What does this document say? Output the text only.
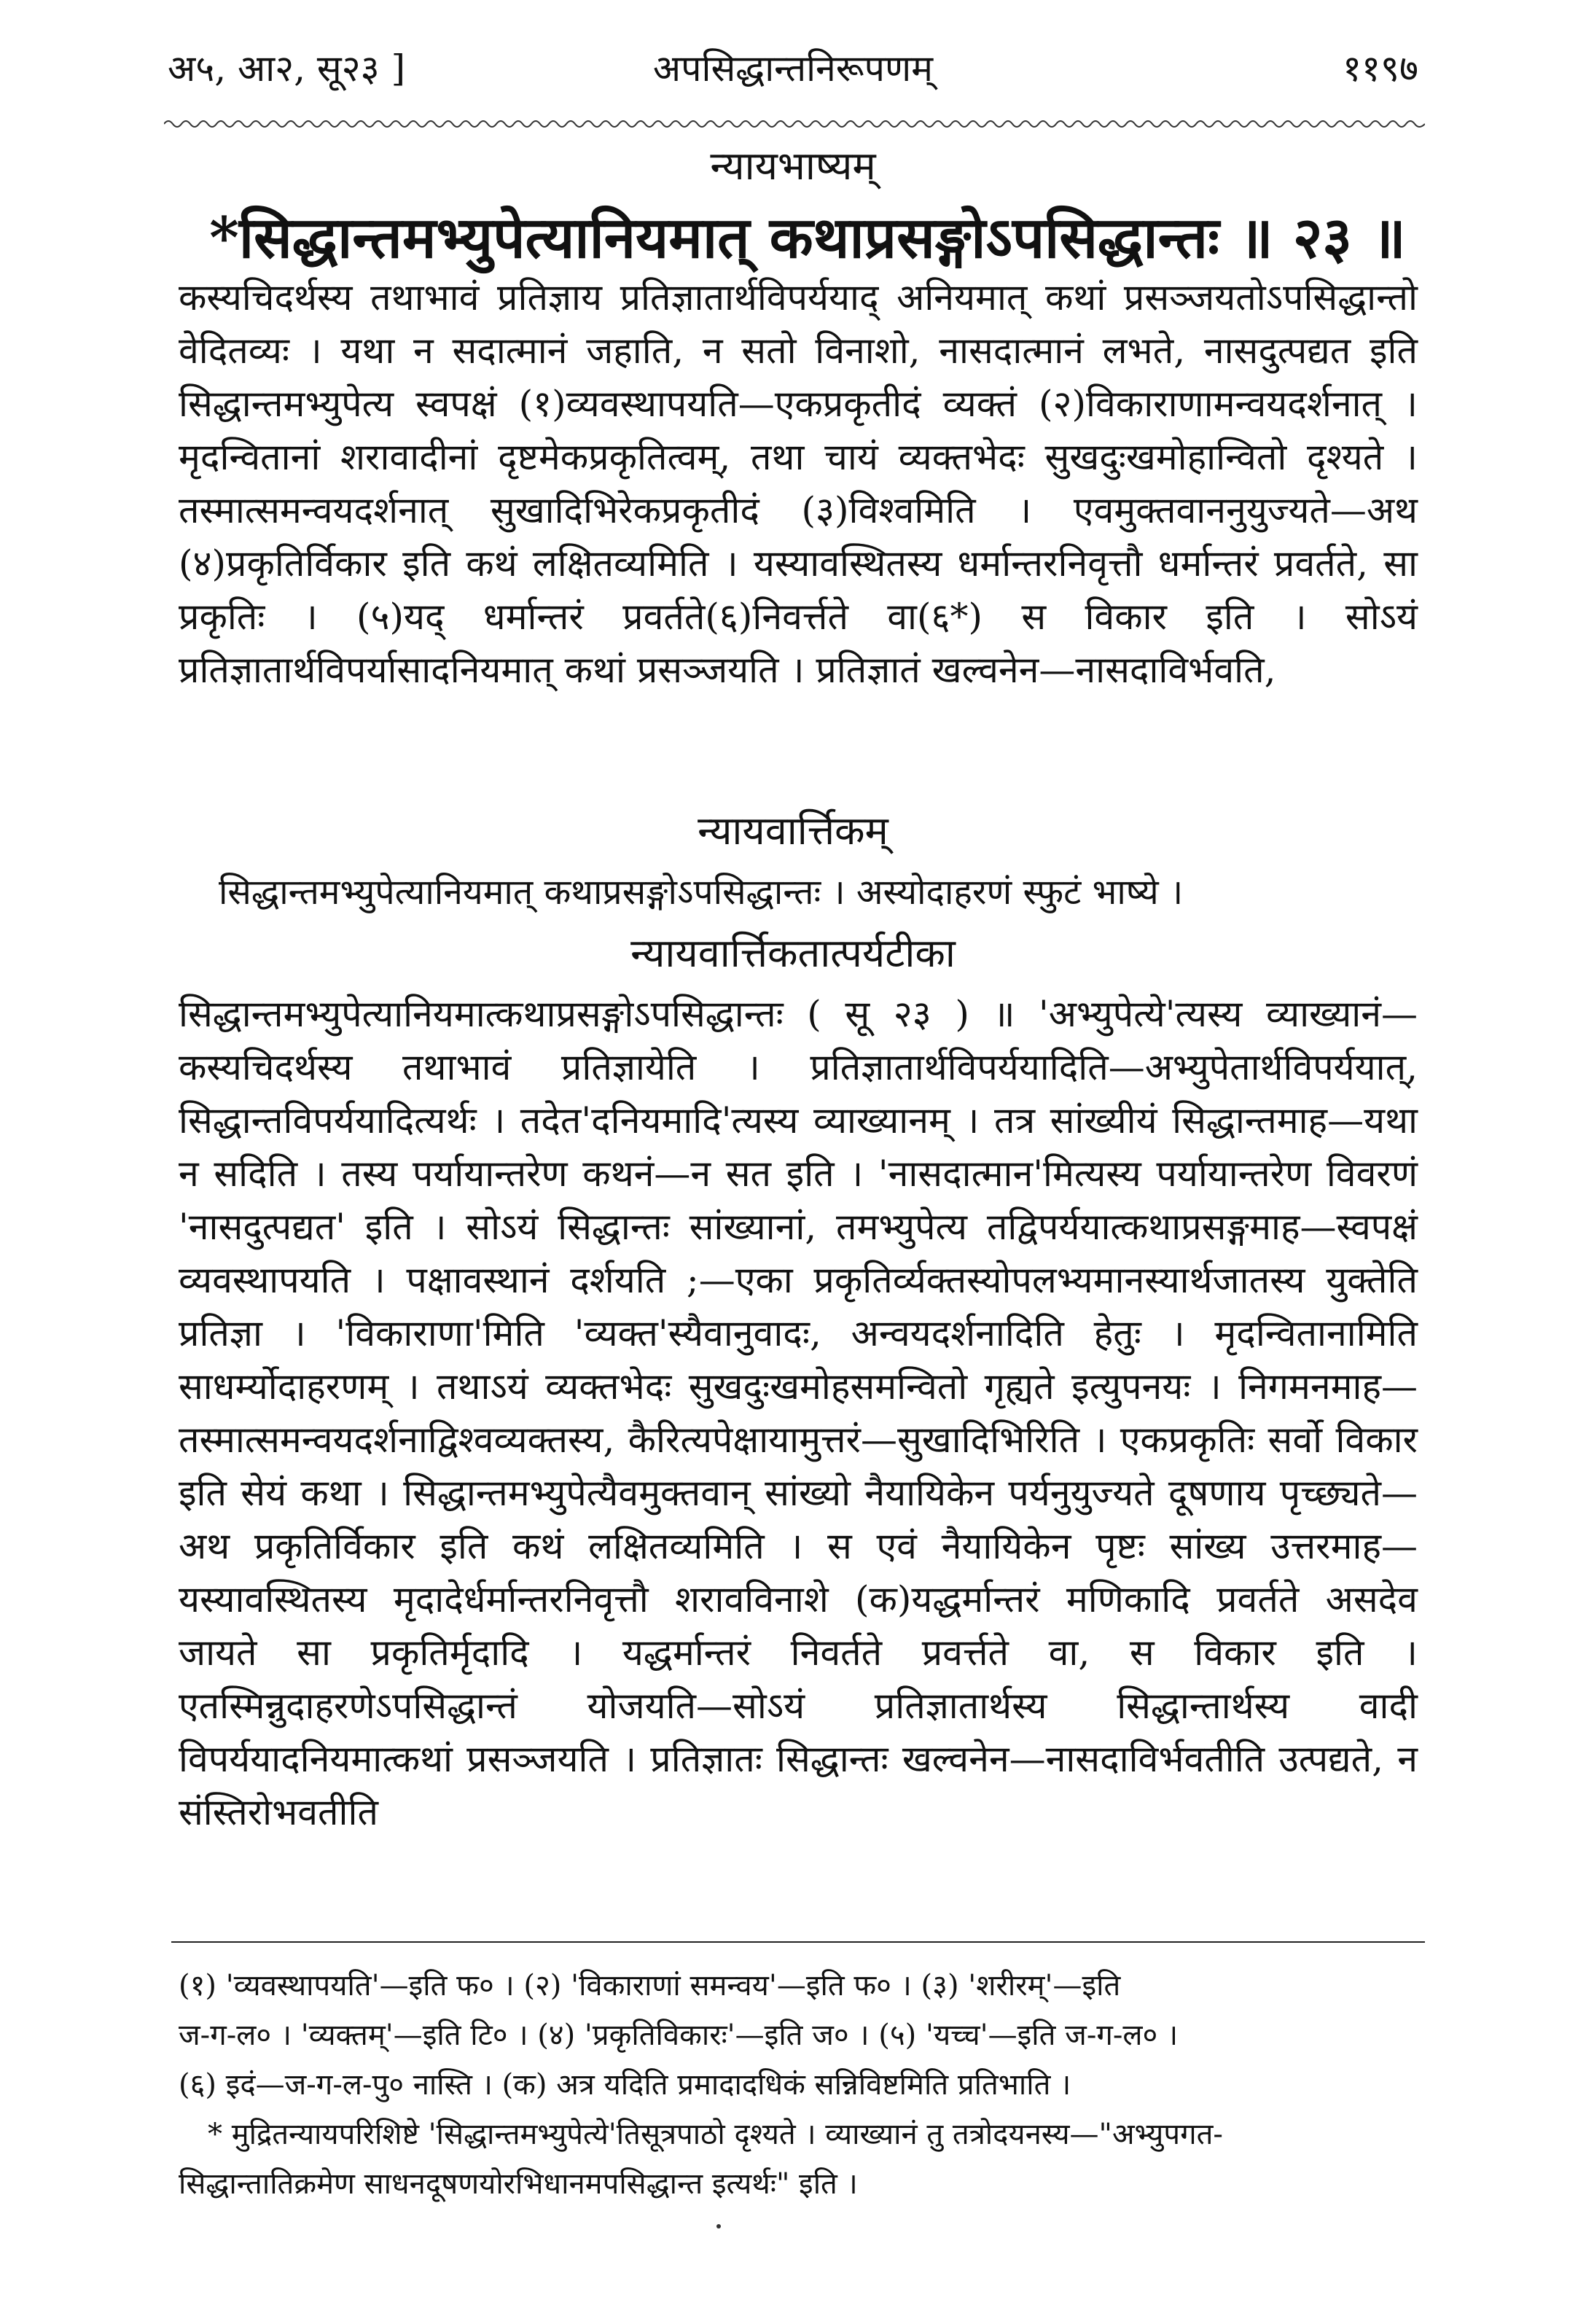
अ५, आ२, सू२३ ]	अपसिद्धान्तनिरूपणम्	११९७
न्यायभाष्यम्
*सिद्धान्तमभ्युपेत्यानियमात् कथाप्रसङ्गोऽपसिद्धान्तः ॥ २३ ॥
कस्यचिदर्थस्य तथाभावं प्रतिज्ञाय प्रतिज्ञातार्थविपर्ययाद् अनियमात् कथां प्रसञ्जयतोऽपसिद्धान्तो वेदितव्यः । यथा न सदात्मानं जहाति, न सतो विनाशो, नासदात्मानं लभते, नासदुत्पद्यत इति सिद्धान्तमभ्युपेत्य स्वपक्षं (१)व्यवस्थापयति—एकप्रकृतीदं व्यक्तं (२)विकाराणामन्वयदर्शनात् । मृदन्वितानां शरावादीनां दृष्टमेकप्रकृतित्वम्, तथा चायं व्यक्तभेदः सुखदुःखमोहान्वितो दृश्यते । तस्मात्समन्वयदर्शनात् सुखादिभिरेकप्रकृतीदं (३)विश्वमिति । एवमुक्तवाननुयुज्यते—अथ (४)प्रकृतिर्विकार इति कथं लक्षितव्यमिति । यस्यावस्थितस्य धर्मान्तरनिवृत्तौ धर्मान्तरं प्रवर्तते, सा प्रकृतिः । (५)यद् धर्मान्तरं प्रवर्तते(६)निवर्त्तते वा(६*) स विकार इति । सोऽयं प्रतिज्ञातार्थविपर्यासादनियमात् कथां प्रसञ्जयति । प्रतिज्ञातं खल्वनेन—नासदाविर्भवति,
न्यायवार्त्तिकम्
सिद्धान्तमभ्युपेत्यानियमात् कथाप्रसङ्गोऽपसिद्धान्तः । अस्योदाहरणं स्फुटं भाष्ये ।
न्यायवार्त्तिकतात्पर्यटीका
सिद्धान्तमभ्युपेत्यानियमात्कथाप्रसङ्गोऽपसिद्धान्तः ( सू २३ ) ॥ 'अभ्युपेत्ये'त्यस्य व्याख्यानं—कस्यचिदर्थस्य तथाभावं प्रतिज्ञायेति । प्रतिज्ञातार्थविपर्ययादिति—अभ्युपेतार्थविपर्ययात्, सिद्धान्तविपर्ययादित्यर्थः । तदेत'दनियमादि'त्यस्य व्याख्यानम् । तत्र सांख्यीयं सिद्धान्तमाह—यथा न सदिति । तस्य पर्यायान्तरेण कथनं—न सत इति । 'नासदात्मान'मित्यस्य पर्यायान्तरेण विवरणं 'नासदुत्पद्यत' इति । सोऽयं सिद्धान्तः सांख्यानां, तमभ्युपेत्य तद्विपर्ययात्कथाप्रसङ्गमाह—स्वपक्षं व्यवस्थापयति । पक्षावस्थानं दर्शयति ;—एका प्रकृतिर्व्यक्तस्योपलभ्यमानस्यार्थजातस्य युक्तेति प्रतिज्ञा । 'विकाराणा'मिति 'व्यक्त'स्यैवानुवादः, अन्वयदर्शनादिति हेतुः । मृदन्वितानामिति साधर्म्योदाहरणम् । तथाऽयं व्यक्तभेदः सुखदुःखमोहसमन्वितो गृह्यते इत्युपनयः । निगमनमाह—तस्मात्समन्वयदर्शनाद्विश्वव्यक्तस्य, कैरित्यपेक्षायामुत्तरं—सुखादिभिरिति । एकप्रकृतिः सर्वो विकार इति सेयं कथा । सिद्धान्तमभ्युपेत्यैवमुक्तवान् सांख्यो नैयायिकेन पर्यनुयुज्यते दूषणाय पृच्छ्यते—अथ प्रकृतिर्विकार इति कथं लक्षितव्यमिति । स एवं नैयायिकेन पृष्टः सांख्य उत्तरमाह—यस्यावस्थितस्य मृदादेर्धर्मान्तरनिवृत्तौ शरावविनाशे (क)यद्धर्मान्तरं मणिकादि प्रवर्तते असदेव जायते सा प्रकृतिर्मृदादि । यद्धर्मान्तरं निवर्तते प्रवर्त्तते वा, स विकार इति । एतस्मिन्नुदाहरणेऽपसिद्धान्तं योजयति—सोऽयं प्रतिज्ञातार्थस्य सिद्धान्तार्थस्य वादी विपर्ययादनियमात्कथां प्रसञ्जयति । प्रतिज्ञातः सिद्धान्तः खल्वनेन—नासदाविर्भवतीति उत्पद्यते, न संस्तिरोभवतीति

(१) 'व्यवस्थापयति'—इति फ० । (२) 'विकाराणां समन्वय'—इति फ० । (३) 'शरीरम्'—इति

ज-ग-ल० । 'व्यक्तम्'—इति टि० । (४) 'प्रकृतिविकारः'—इति ज० । (५) 'यच्च'—इति ज-ग-ल० ।

(६) इदं—ज-ग-ल-पु० नास्ति । (क) अत्र यदिति प्रमादादधिकं सन्निविष्टमिति प्रतिभाति ।

* मुद्रितन्यायपरिशिष्टे 'सिद्धान्तमभ्युपेत्ये'तिसूत्रपाठो दृश्यते । व्याख्यानं तु तत्रोदयनस्य—"अभ्युपगत-

सिद्धान्तातिक्रमेण साधनदूषणयोरभिधानमपसिद्धान्त इत्यर्थः" इति ।
